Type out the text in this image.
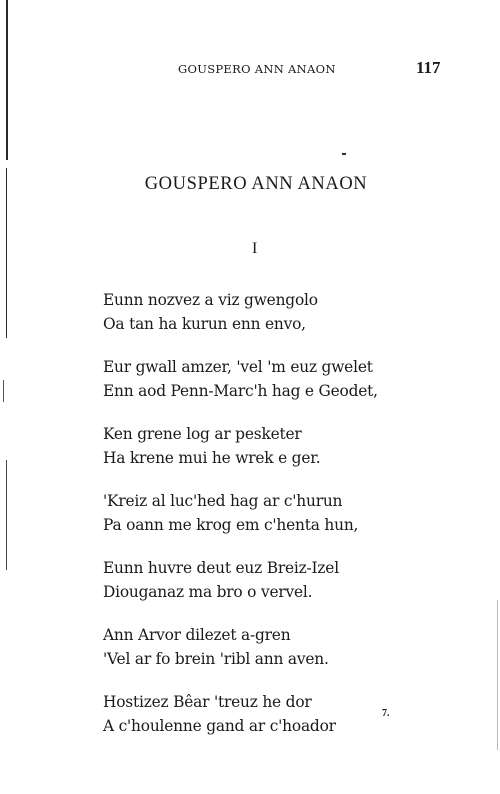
GOUSPERO ANN ANAON	117
GOUSPERO ANN ANAON
I
Eunn nozvez a viz gwengolo
Oa tan ha kurun enn envo,
Eur gwall amzer, 'vel 'm euz gwelet
Enn aod Penn-Marc'h hag e Geodet,
Ken grene log ar pesketer
Ha krene mui he wrek e ger.
'Kreiz al luc'hed hag ar c'hurun
Pa oann me krog em c'henta hun,
Eunn huvre deut euz Breiz-Izel
Diouganaz ma bro o vervel.
Ann Arvor dilezet a-gren
'Vel ar fo brein 'ribl ann aven.
Hostizez Bêar 'treuz he dor
A c'houlenne gand ar c'hoador
7.
